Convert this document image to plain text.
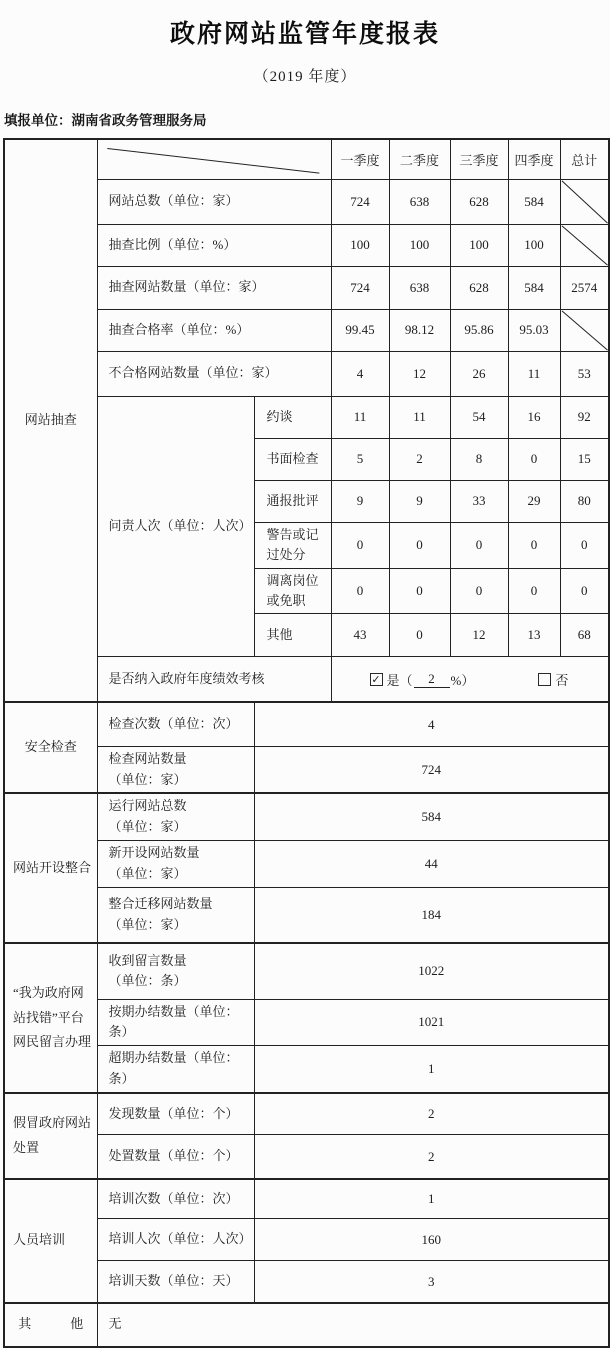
政府网站监管年度报表
（2019 年度）
填报单位：湖南省政务管理服务局
网站抽查			一季度	二季度	三季度	四季度	总计
	网站总数（单位：家）		724	638	628	584	

	抽查比例（单位：%）		100	100	100	100	

	抽查网站数量（单位：家）		724	638	628	584	2574
	抽查合格率（单位：%）		99.45	98.12	95.86	95.03	

	不合格网站数量（单位：家）		4	12	26	11	53
	问责人次（单位：人次）	约谈	11	11	54	16	92
		书面检查	5	2	8	0	15
		通报批评	9	9	33	29	80
		警告或记过处分	0	0	0	0	0
		调离岗位或免职	0	0	0	0	0
		其他	43	0	12	13	68
	是否纳入政府年度绩效考核		✓ 是（ 2 %） 否				

安全检查	检查次数（单位：次）	4					

	检查网站数量
（单位：家）	724					
网站开设整合	运行网站总数
（单位：家）	584					

	新开设网站数量
（单位：家）	44					

	整合迁移网站数量
（单位：家）	184					
“我为政府网站找错”平台网民留言办理	收到留言数量
（单位：条）	1022					

	按期办结数量（单位：
条）	1021					

	超期办结数量（单位：
条）	1					
假冒政府网站处置	发现数量（单位：个）	2					

	处置数量（单位：个）	2					
人员培训	培训次数（单位：次）	1					

	培训人次（单位：人次）	160					

	培训天数（单位：天）	3					
其　　　他	无						
